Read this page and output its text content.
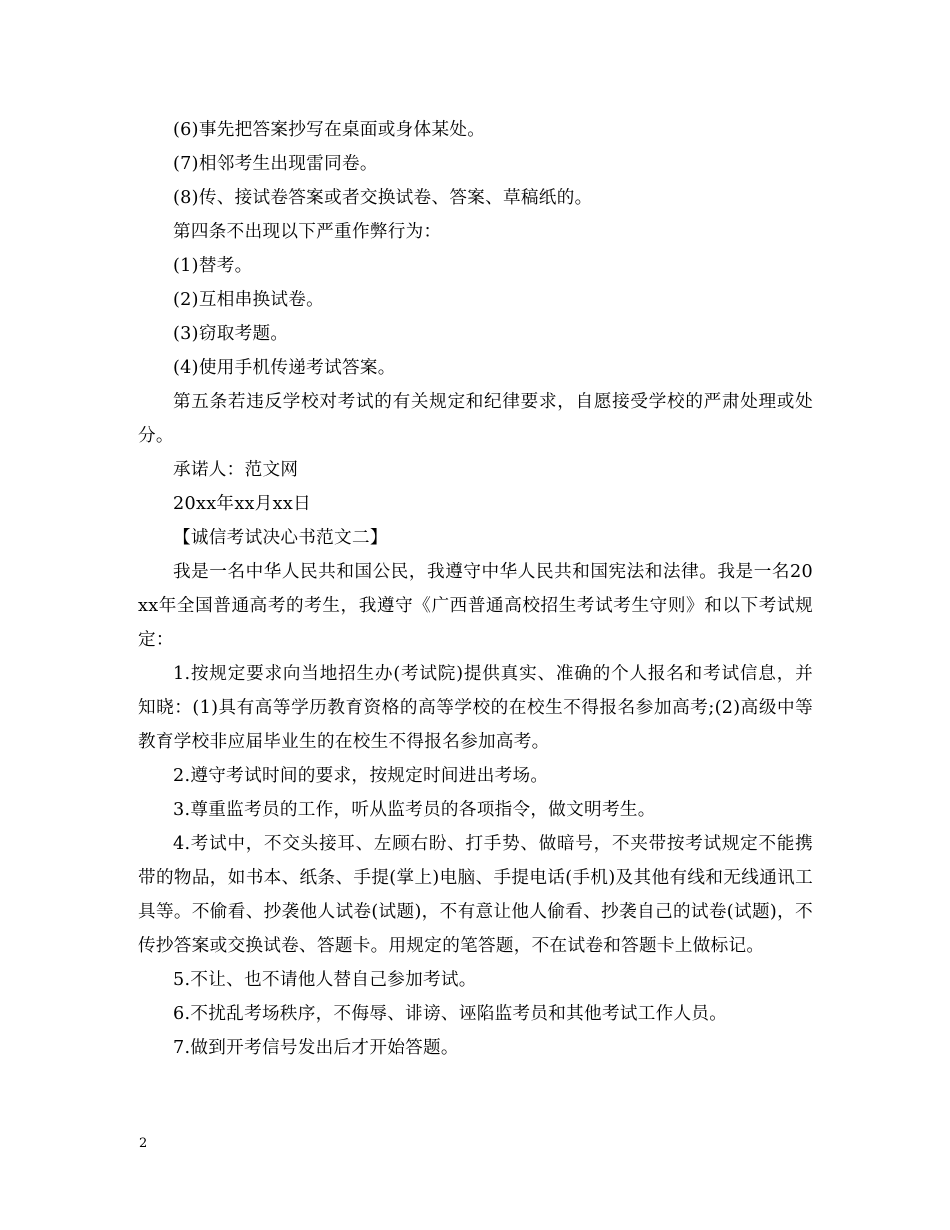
(6)事先把答案抄写在桌面或身体某处。

(7)相邻考生出现雷同卷。

(8)传、接试卷答案或者交换试卷、答案、草稿纸的。

第四条不出现以下严重作弊行为：

(1)替考。

(2)互相串换试卷。

(3)窃取考题。

(4)使用手机传递考试答案。

第五条若违反学校对考试的有关规定和纪律要求，自愿接受学校的严肃处理或处分。

承诺人：范文网

20xx年xx月xx日

【诚信考试决心书范文二】

我是一名中华人民共和国公民，我遵守中华人民共和国宪法和法律。我是一名20xx年全国普通高考的考生，我遵守《广西普通高校招生考试考生守则》和以下考试规定：

1.按规定要求向当地招生办(考试院)提供真实、准确的个人报名和考试信息，并知晓：(1)具有高等学历教育资格的高等学校的在校生不得报名参加高考;(2)高级中等教育学校非应届毕业生的在校生不得报名参加高考。

2.遵守考试时间的要求，按规定时间进出考场。

3.尊重监考员的工作，听从监考员的各项指令，做文明考生。

4.考试中，不交头接耳、左顾右盼、打手势、做暗号，不夹带按考试规定不能携带的物品，如书本、纸条、手提(掌上)电脑、手提电话(手机)及其他有线和无线通讯工具等。不偷看、抄袭他人试卷(试题)，不有意让他人偷看、抄袭自己的试卷(试题)，不传抄答案或交换试卷、答题卡。用规定的笔答题，不在试卷和答题卡上做标记。

5.不让、也不请他人替自己参加考试。

6.不扰乱考场秩序，不侮辱、诽谤、诬陷监考员和其他考试工作人员。

7.做到开考信号发出后才开始答题。

2
